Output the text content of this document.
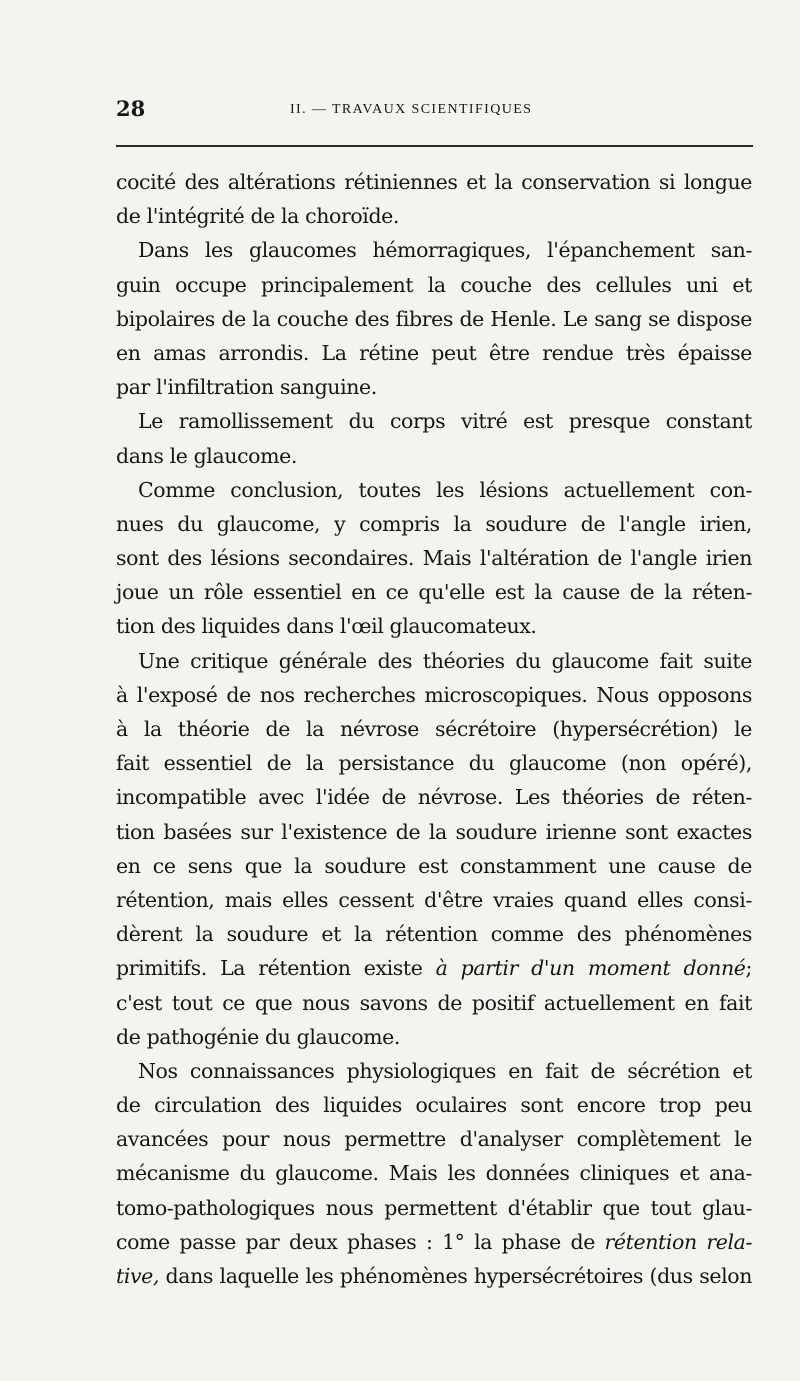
28	II. — TRAVAUX SCIENTIFIQUES
cocité des altérations rétiniennes et la conservation si longue
de l'intégrité de la choroïde.
Dans les glaucomes hémorragiques, l'épanchement san-
guin occupe principalement la couche des cellules uni et
bipolaires de la couche des fibres de Henle. Le sang se dispose
en amas arrondis. La rétine peut être rendue très épaisse
par l'infiltration sanguine.
Le ramollissement du corps vitré est presque constant
dans le glaucome.
Comme conclusion, toutes les lésions actuellement con-
nues du glaucome, y compris la soudure de l'angle irien,
sont des lésions secondaires. Mais l'altération de l'angle irien
joue un rôle essentiel en ce qu'elle est la cause de la réten-
tion des liquides dans l'œil glaucomateux.
Une critique générale des théories du glaucome fait suite
à l'exposé de nos recherches microscopiques. Nous opposons
à la théorie de la névrose sécrétoire (hypersécrétion) le
fait essentiel de la persistance du glaucome (non opéré),
incompatible avec l'idée de névrose. Les théories de réten-
tion basées sur l'existence de la soudure irienne sont exactes
en ce sens que la soudure est constamment une cause de
rétention, mais elles cessent d'être vraies quand elles consi-
dèrent la soudure et la rétention comme des phénomènes
primitifs. La rétention existe à partir d'un moment donné;
c'est tout ce que nous savons de positif actuellement en fait
de pathogénie du glaucome.
Nos connaissances physiologiques en fait de sécrétion et
de circulation des liquides oculaires sont encore trop peu
avancées pour nous permettre d'analyser complètement le
mécanisme du glaucome. Mais les données cliniques et ana-
tomo-pathologiques nous permettent d'établir que tout glau-
come passe par deux phases : 1° la phase de rétention rela-
tive, dans laquelle les phénomènes hypersécrétoires (dus selon
